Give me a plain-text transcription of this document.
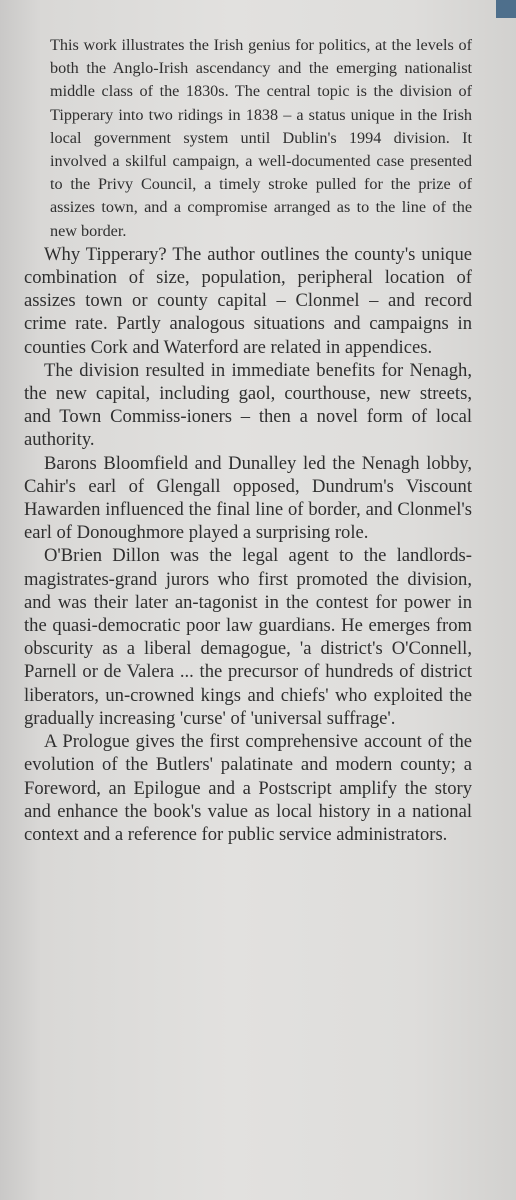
This work illustrates the Irish genius for politics, at the levels of both the Anglo-Irish ascendancy and the emerging nationalist middle class of the 1830s. The central topic is the division of Tipperary into two ridings in 1838 – a status unique in the Irish local government system until Dublin's 1994 division. It involved a skilful campaign, a well-documented case presented to the Privy Council, a timely stroke pulled for the prize of assizes town, and a compromise arranged as to the line of the new border.

Why Tipperary? The author outlines the county's unique combination of size, population, peripheral location of assizes town or county capital – Clonmel – and record crime rate. Partly analogous situations and campaigns in counties Cork and Waterford are related in appendices.

The division resulted in immediate benefits for Nenagh, the new capital, including gaol, courthouse, new streets, and Town Commiss-ioners – then a novel form of local authority.

Barons Bloomfield and Dunalley led the Nenagh lobby, Cahir's earl of Glengall opposed, Dundrum's Viscount Hawarden influenced the final line of border, and Clonmel's earl of Donoughmore played a surprising role.

O'Brien Dillon was the legal agent to the landlords-magistrates-grand jurors who first promoted the division, and was their later an-tagonist in the contest for power in the quasi-democratic poor law guardians. He emerges from obscurity as a liberal demagogue, 'a district's O'Connell, Parnell or de Valera ... the precursor of hundreds of district liberators, un-crowned kings and chiefs' who exploited the gradually increasing 'curse' of 'universal suffrage'.

A Prologue gives the first comprehensive account of the evolution of the Butlers' palatinate and modern county; a Foreword, an Epilogue and a Postscript amplify the story and enhance the book's value as local history in a national context and a reference for public service administrators.
